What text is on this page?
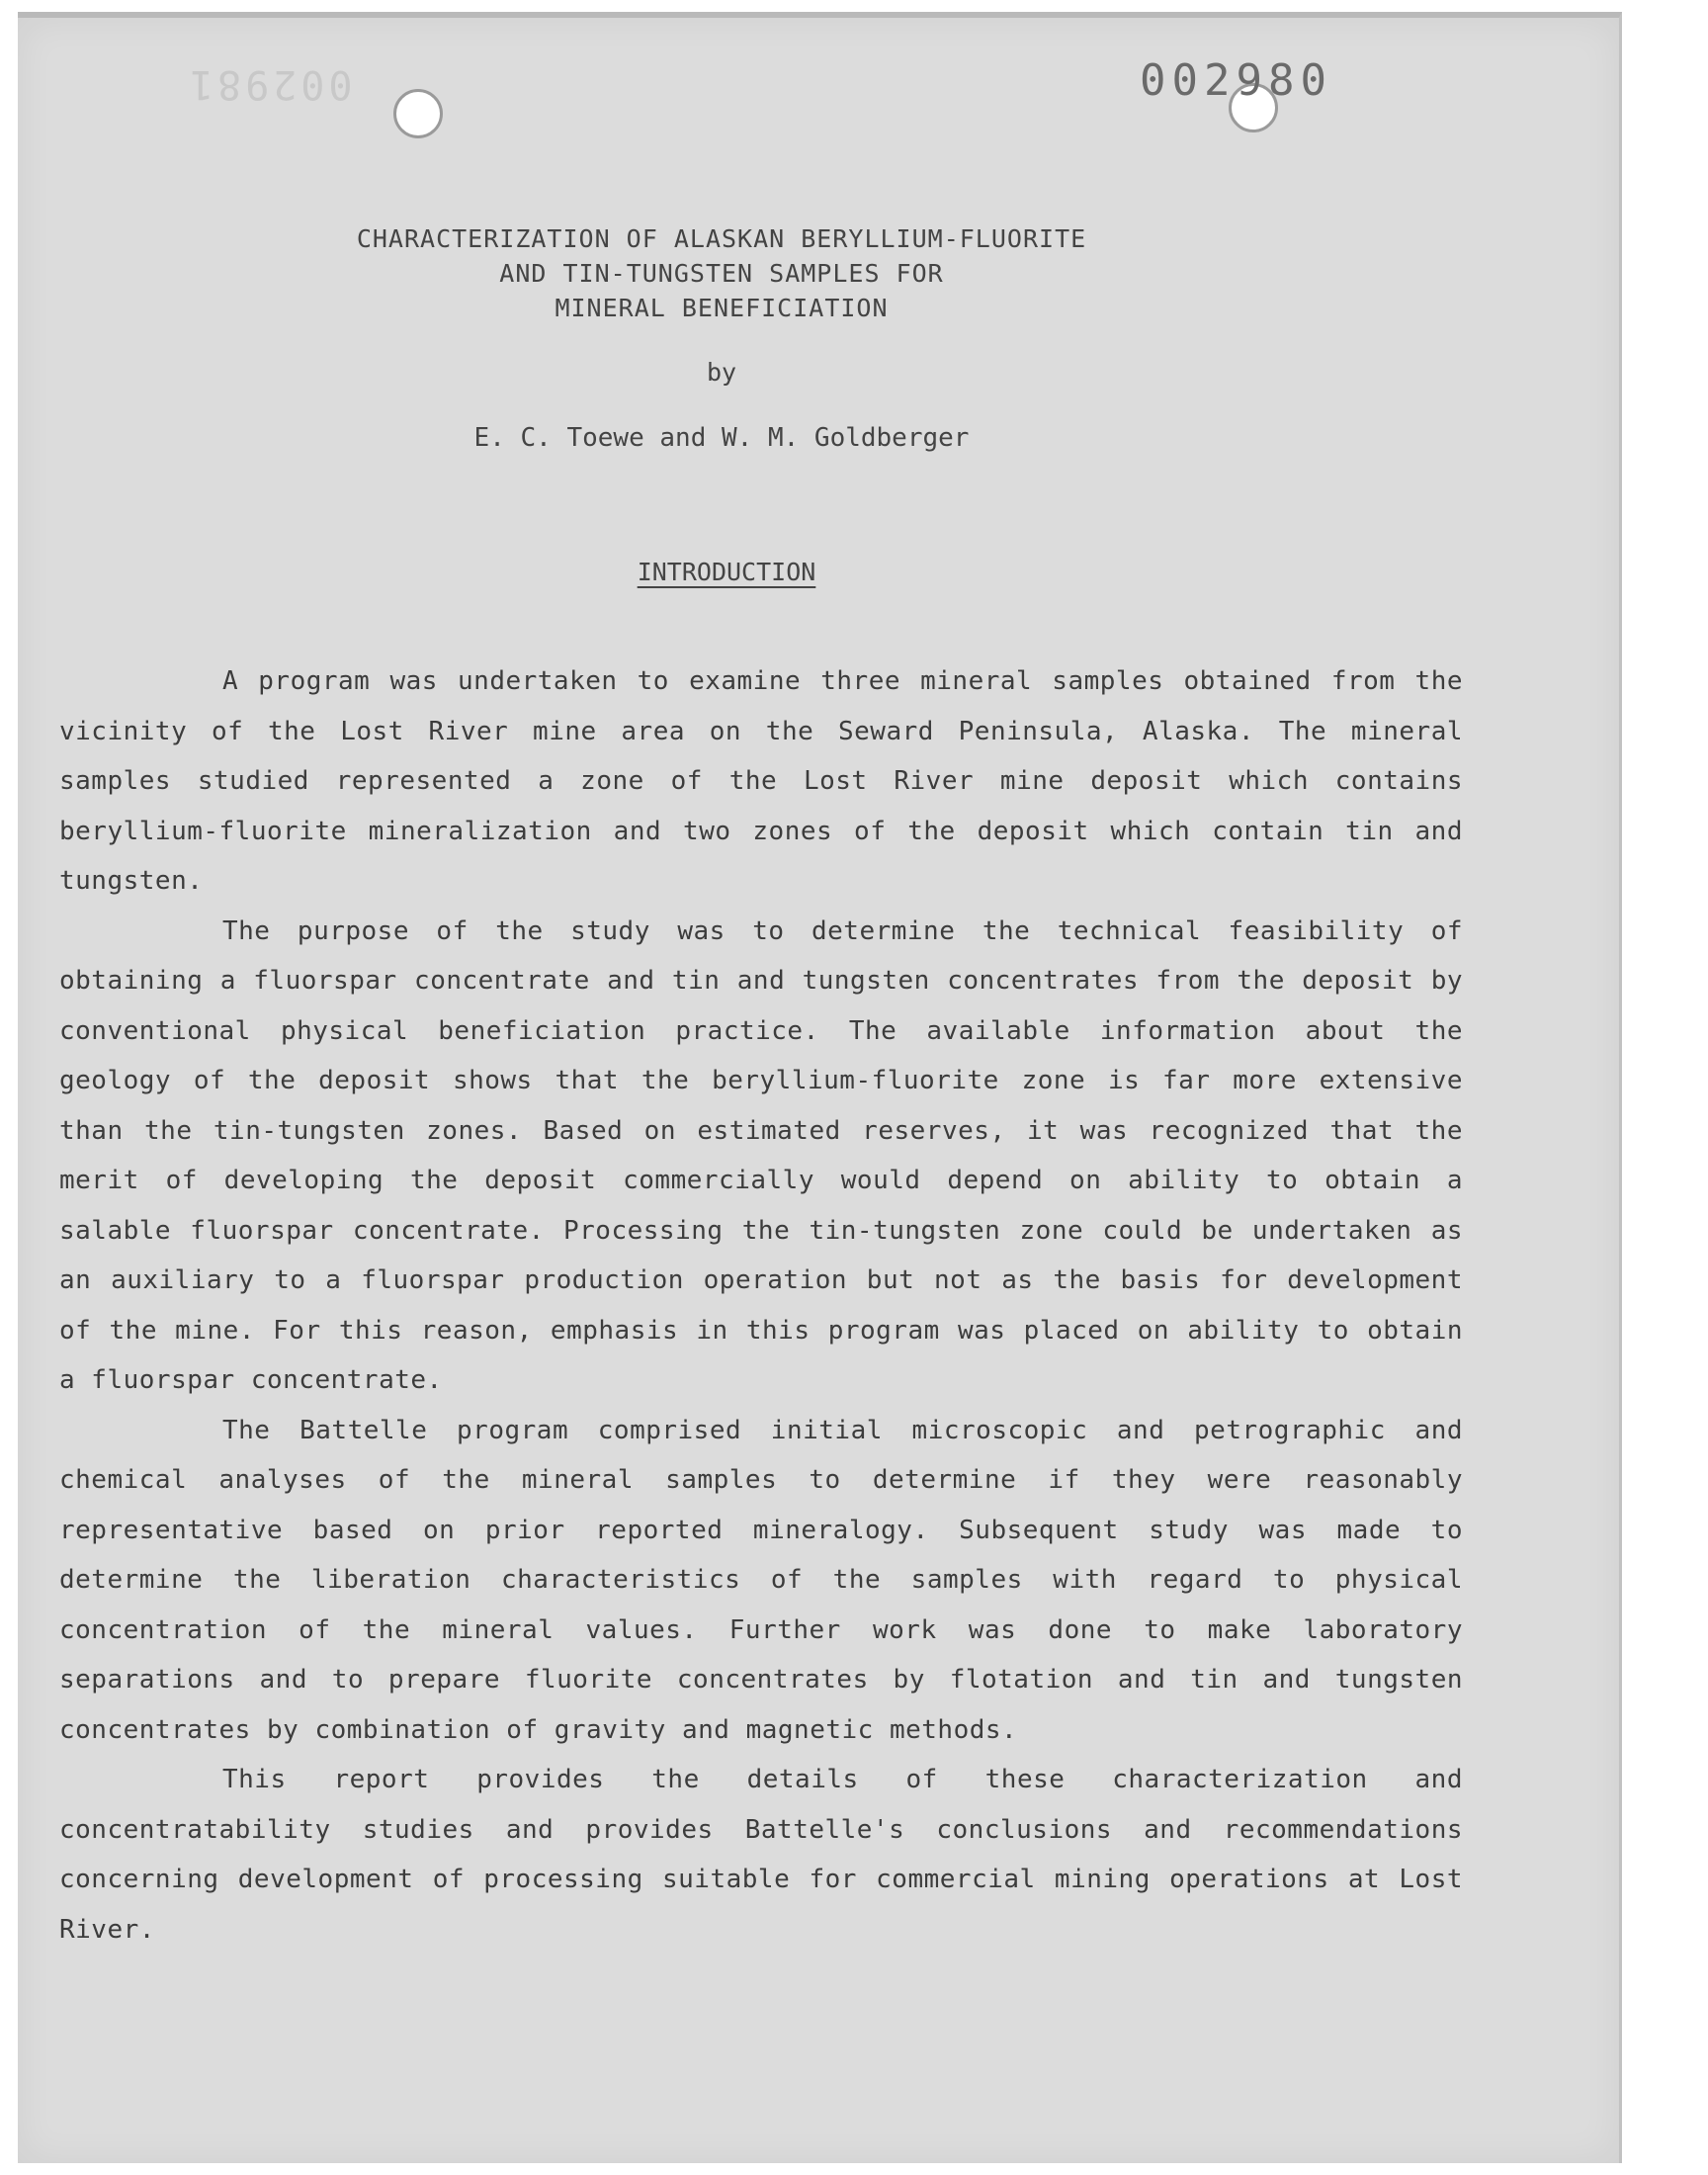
002981	002980
CHARACTERIZATION OF ALASKAN BERYLLIUM-FLUORITE
AND TIN-TUNGSTEN SAMPLES FOR
MINERAL BENEFICIATION
by
E. C. Toewe and W. M. Goldberger
INTRODUCTION

A program was undertaken to examine three mineral samples obtained from the vicinity of the Lost River mine area on the Seward Peninsula, Alaska. The mineral samples studied represented a zone of the Lost River mine deposit which contains beryllium-fluorite mineralization and two zones of the deposit which contain tin and tungsten.

The purpose of the study was to determine the technical feasibility of obtaining a fluorspar concentrate and tin and tungsten concentrates from the deposit by conventional physical beneficiation practice. The available information about the geology of the deposit shows that the beryllium-fluorite zone is far more extensive than the tin-tungsten zones. Based on estimated reserves, it was recognized that the merit of developing the deposit commercially would depend on ability to obtain a salable fluorspar concentrate. Processing the tin-tungsten zone could be undertaken as an auxiliary to a fluorspar production operation but not as the basis for development of the mine. For this reason, emphasis in this program was placed on ability to obtain a fluorspar concentrate.

The Battelle program comprised initial microscopic and petrographic and chemical analyses of the mineral samples to determine if they were reasonably representative based on prior reported mineralogy. Subsequent study was made to determine the liberation characteristics of the samples with regard to physical concentration of the mineral values. Further work was done to make laboratory separations and to prepare fluorite concentrates by flotation and tin and tungsten concentrates by combination of gravity and magnetic methods.

This report provides the details of these characterization and concentratability studies and provides Battelle's conclusions and recommendations concerning development of processing suitable for commercial mining operations at Lost River.
